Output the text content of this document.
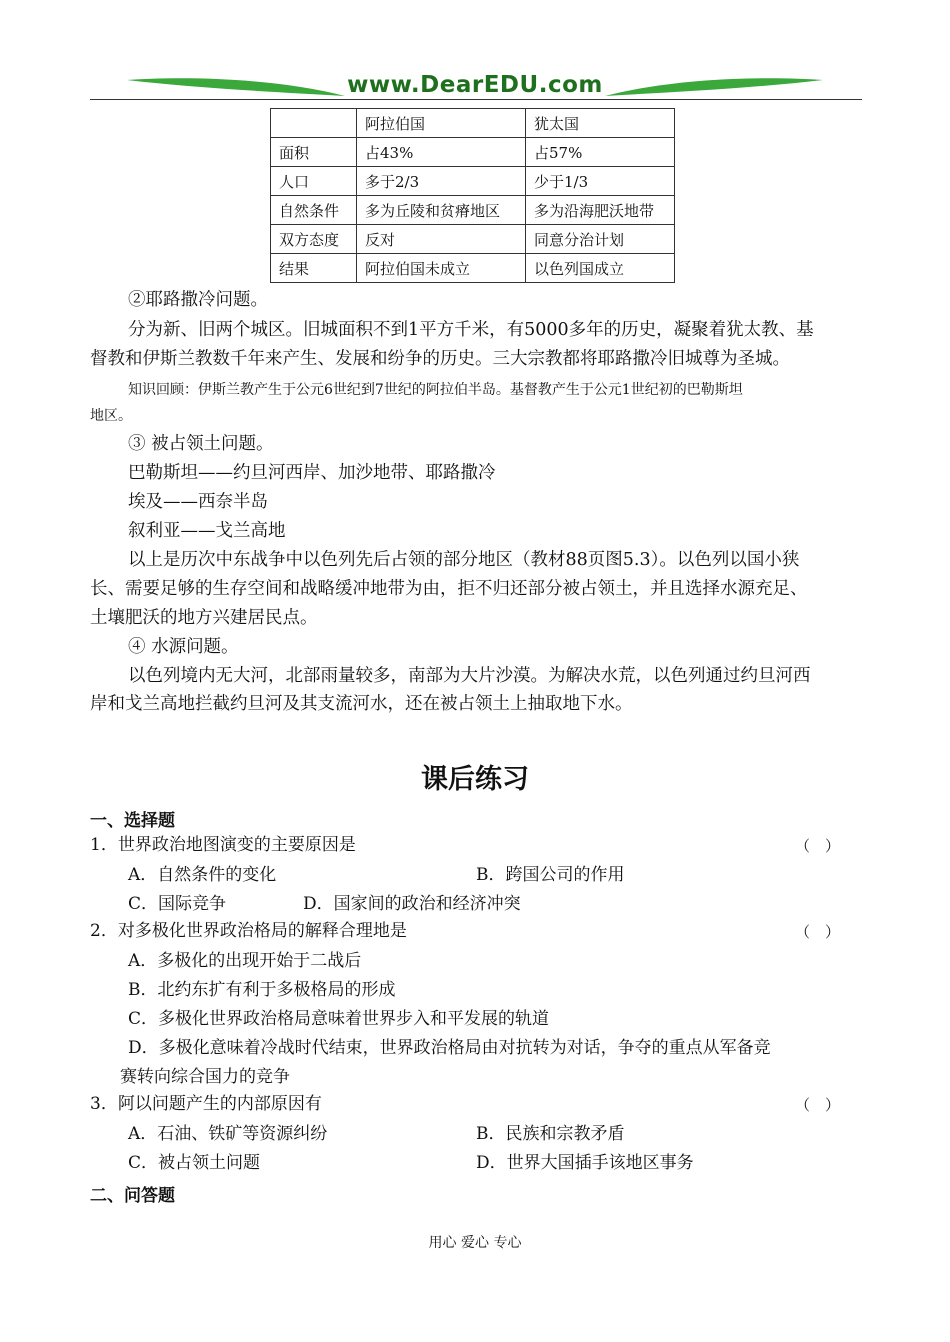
www.DearEDU.com
	阿拉伯国	犹太国
面积	占43%	占57%
人口	多于2/3	少于1/3
自然条件	多为丘陵和贫瘠地区	多为沿海肥沃地带
双方态度	反对	同意分治计划
结果	阿拉伯国未成立	以色列国成立
②耶路撒冷问题。
分为新、旧两个城区。旧城面积不到1平方千米，有5000多年的历史，凝聚着犹太教、基
督教和伊斯兰教数千年来产生、发展和纷争的历史。三大宗教都将耶路撒冷旧城尊为圣城。
知识回顾：伊斯兰教产生于公元6世纪到7世纪的阿拉伯半岛。基督教产生于公元1世纪初的巴勒斯坦
地区。
③ 被占领土问题。
巴勒斯坦——约旦河西岸、加沙地带、耶路撒冷
埃及——西奈半岛
叙利亚——戈兰高地
以上是历次中东战争中以色列先后占领的部分地区（教材88页图5.3）。以色列以国小狭
长、需要足够的生存空间和战略缓冲地带为由，拒不归还部分被占领土，并且选择水源充足、
土壤肥沃的地方兴建居民点。
④ 水源问题。
以色列境内无大河，北部雨量较多，南部为大片沙漠。为解决水荒，以色列通过约旦河西
岸和戈兰高地拦截约旦河及其支流河水，还在被占领土上抽取地下水。
课后练习
一、选择题
1．世界政治地图演变的主要原因是	（　）
A．自然条件的变化	B．跨国公司的作用
C．国际竞争	D．国家间的政治和经济冲突
2．对多极化世界政治格局的解释合理地是	（　）
A．多极化的出现开始于二战后
B．北约东扩有利于多极格局的形成
C．多极化世界政治格局意味着世界步入和平发展的轨道
D．多极化意味着冷战时代结束，世界政治格局由对抗转为对话，争夺的重点从军备竞
赛转向综合国力的竞争
3．阿以问题产生的内部原因有	（　）
A．石油、铁矿等资源纠纷	B．民族和宗教矛盾
C．被占领土问题	D．世界大国插手该地区事务
二、问答题
用心 爱心 专心
